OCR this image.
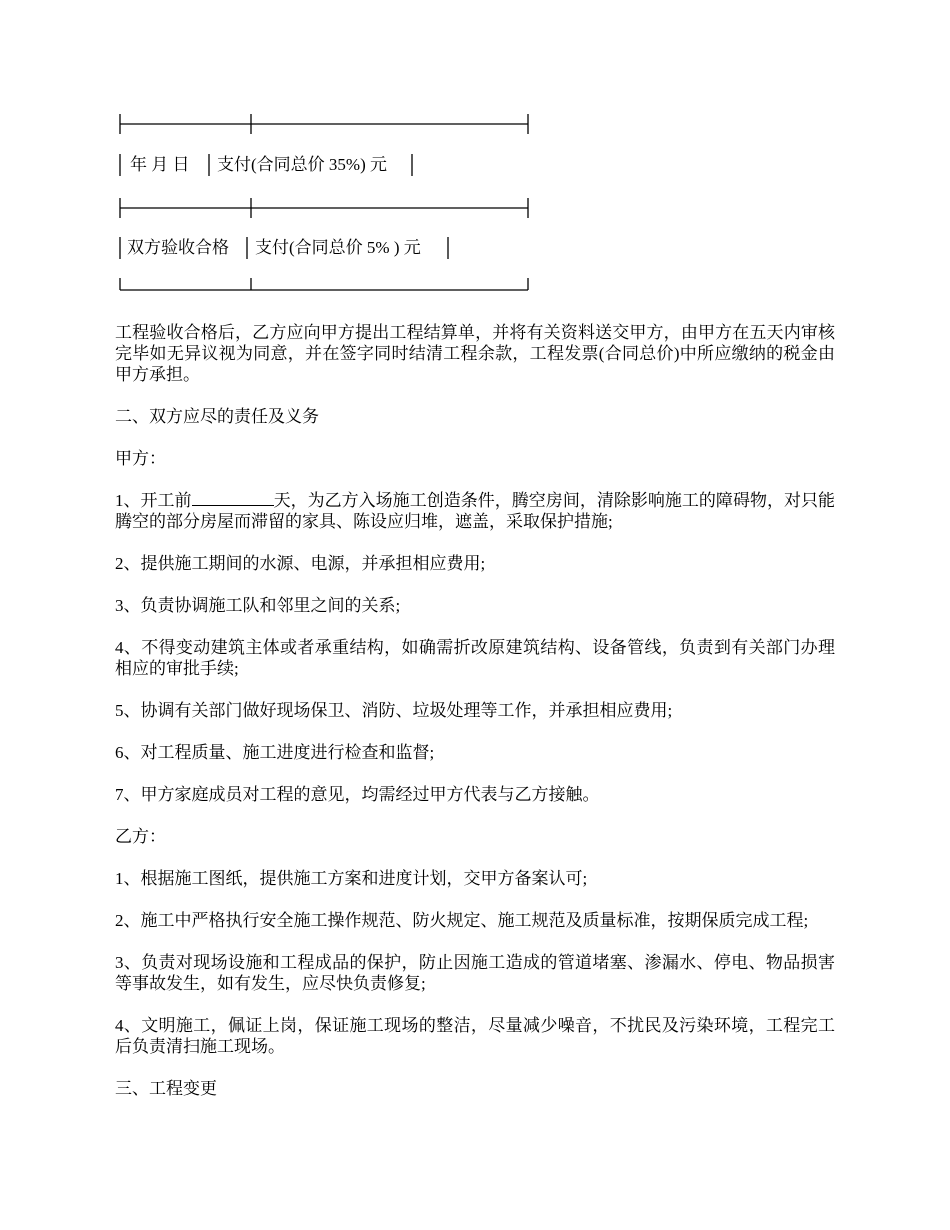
年 月 日 支付(合同总价 35%) 元
双方验收合格 支付(合同总价 5% ) 元

工程验收合格后，乙方应向甲方提出工程结算单，并将有关资料送交甲方，由甲方在五天内审核完毕如无异议视为同意，并在签字同时结清工程余款，工程发票(合同总价)中所应缴纳的税金由甲方承担。

二、双方应尽的责任及义务

甲方：

1、开工前	天，为乙方入场施工创造条件，腾空房间，清除影响施工的障碍物，对只能腾空的部分房屋而滞留的家具、陈设应归堆，遮盖，采取保护措施;

2、提供施工期间的水源、电源，并承担相应费用;

3、负责协调施工队和邻里之间的关系;

4、不得变动建筑主体或者承重结构，如确需折改原建筑结构、设备管线，负责到有关部门办理相应的审批手续;

5、协调有关部门做好现场保卫、消防、垃圾处理等工作，并承担相应费用;

6、对工程质量、施工进度进行检查和监督;

7、甲方家庭成员对工程的意见，均需经过甲方代表与乙方接触。

乙方：

1、根据施工图纸，提供施工方案和进度计划，交甲方备案认可;

2、施工中严格执行安全施工操作规范、防火规定、施工规范及质量标准，按期保质完成工程;

3、负责对现场设施和工程成品的保护，防止因施工造成的管道堵塞、渗漏水、停电、物品损害等事故发生，如有发生，应尽快负责修复;

4、文明施工，佩证上岗，保证施工现场的整洁，尽量减少噪音，不扰民及污染环境，工程完工后负责清扫施工现场。

三、工程变更
